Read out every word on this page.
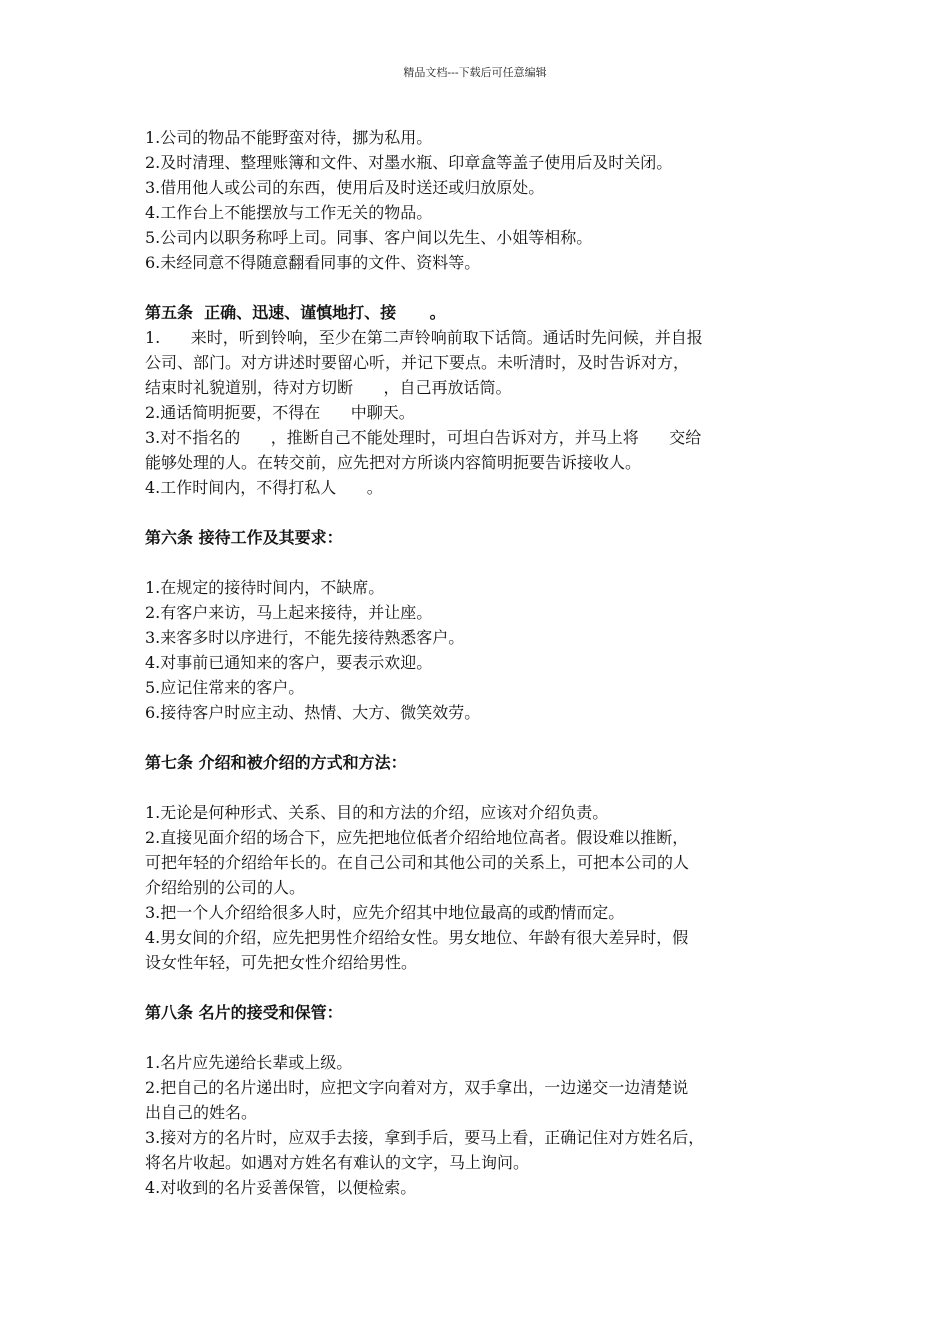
精品文档---下载后可任意编辑
1.公司的物品不能野蛮对待，挪为私用。
2.及时清理、整理账簿和文件、对墨水瓶、印章盒等盖子使用后及时关闭。
3.借用他人或公司的东西，使用后及时送还或归放原处。
4.工作台上不能摆放与工作无关的物品。
5.公司内以职务称呼上司。同事、客户间以先生、小姐等相称。
6.未经同意不得随意翻看同事的文件、资料等。
第五条  正确、迅速、谨慎地打、接      。
1.      来时，听到铃响，至少在第二声铃响前取下话筒。通话时先问候，并自报
公司、部门。对方讲述时要留心听，并记下要点。未听清时，及时告诉对方，
结束时礼貌道别，待对方切断      ，自己再放话筒。
2.通话简明扼要，不得在      中聊天。
3.对不指名的      ，推断自己不能处理时，可坦白告诉对方，并马上将      交给
能够处理的人。在转交前，应先把对方所谈内容简明扼要告诉接收人。
4.工作时间内，不得打私人      。
第六条 接待工作及其要求：
1.在规定的接待时间内，不缺席。
2.有客户来访，马上起来接待，并让座。
3.来客多时以序进行，不能先接待熟悉客户。
4.对事前已通知来的客户，要表示欢迎。
5.应记住常来的客户。
6.接待客户时应主动、热情、大方、微笑效劳。
第七条 介绍和被介绍的方式和方法：
1.无论是何种形式、关系、目的和方法的介绍，应该对介绍负责。
2.直接见面介绍的场合下，应先把地位低者介绍给地位高者。假设难以推断，
可把年轻的介绍给年长的。在自己公司和其他公司的关系上，可把本公司的人
介绍给别的公司的人。
3.把一个人介绍给很多人时，应先介绍其中地位最高的或酌情而定。
4.男女间的介绍，应先把男性介绍给女性。男女地位、年龄有很大差异时，假
设女性年轻，可先把女性介绍给男性。
第八条 名片的接受和保管：
1.名片应先递给长辈或上级。
2.把自己的名片递出时，应把文字向着对方，双手拿出，一边递交一边清楚说
出自己的姓名。
3.接对方的名片时，应双手去接，拿到手后，要马上看，正确记住对方姓名后，
将名片收起。如遇对方姓名有难认的文字，马上询问。
4.对收到的名片妥善保管，以便检索。
